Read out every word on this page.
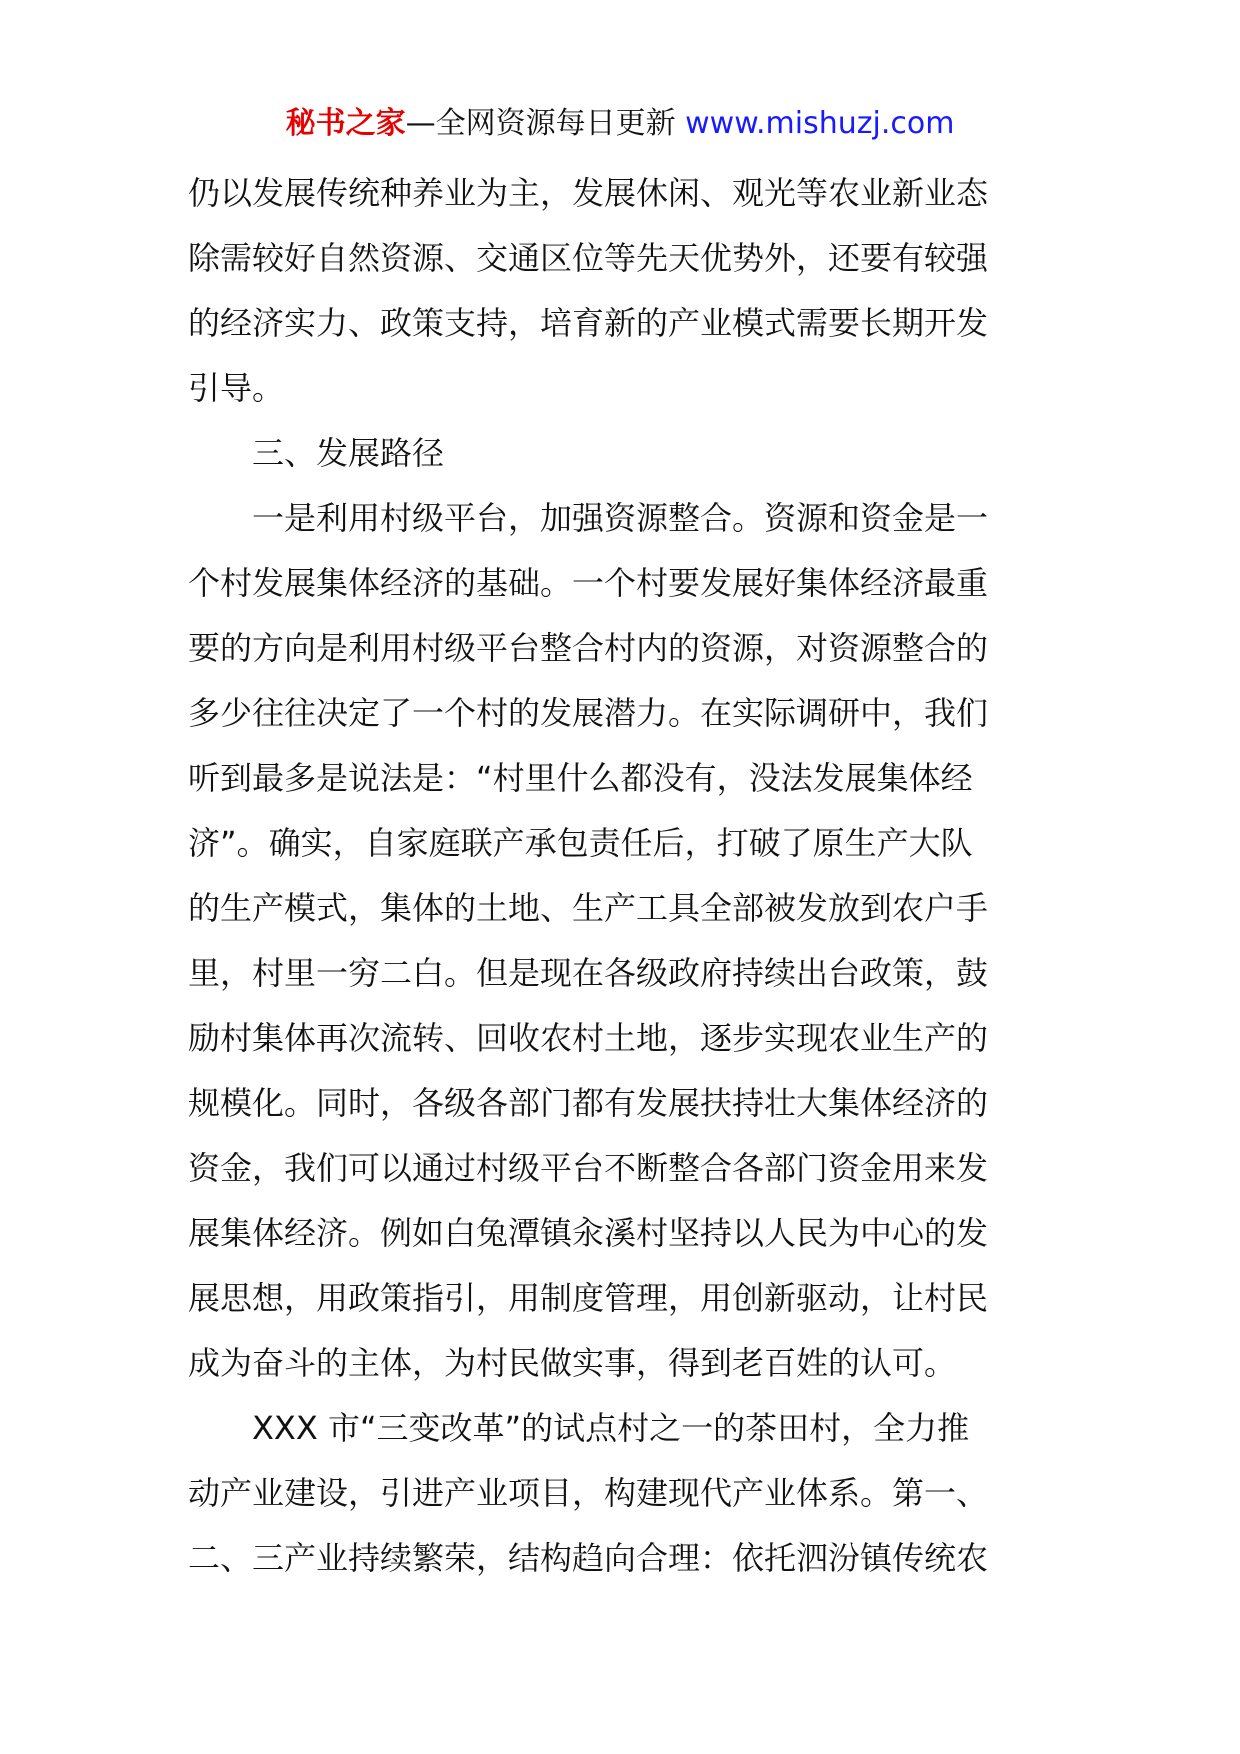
秘书之家—全网资源每日更新 www.mishuzj.com
仍以发展传统种养业为主，发展休闲、观光等农业新业态
除需较好自然资源、交通区位等先天优势外，还要有较强
的经济实力、政策支持，培育新的产业模式需要长期开发
引导。
三、发展路径
一是利用村级平台，加强资源整合。资源和资金是一
个村发展集体经济的基础。一个村要发展好集体经济最重
要的方向是利用村级平台整合村内的资源，对资源整合的
多少往往决定了一个村的发展潜力。在实际调研中，我们
听到最多是说法是：“村里什么都没有，没法发展集体经
济”。确实，自家庭联产承包责任后，打破了原生产大队
的生产模式，集体的土地、生产工具全部被发放到农户手
里，村里一穷二白。但是现在各级政府持续出台政策，鼓
励村集体再次流转、回收农村土地，逐步实现农业生产的
规模化。同时，各级各部门都有发展扶持壮大集体经济的
资金，我们可以通过村级平台不断整合各部门资金用来发
展集体经济。例如白兔潭镇汆溪村坚持以人民为中心的发
展思想，用政策指引，用制度管理，用创新驱动，让村民
成为奋斗的主体，为村民做实事，得到老百姓的认可。
XXX 市“三变改革”的试点村之一的茶田村，全力推
动产业建设，引进产业项目，构建现代产业体系。第一、
二、三产业持续繁荣，结构趋向合理：依托泗汾镇传统农
